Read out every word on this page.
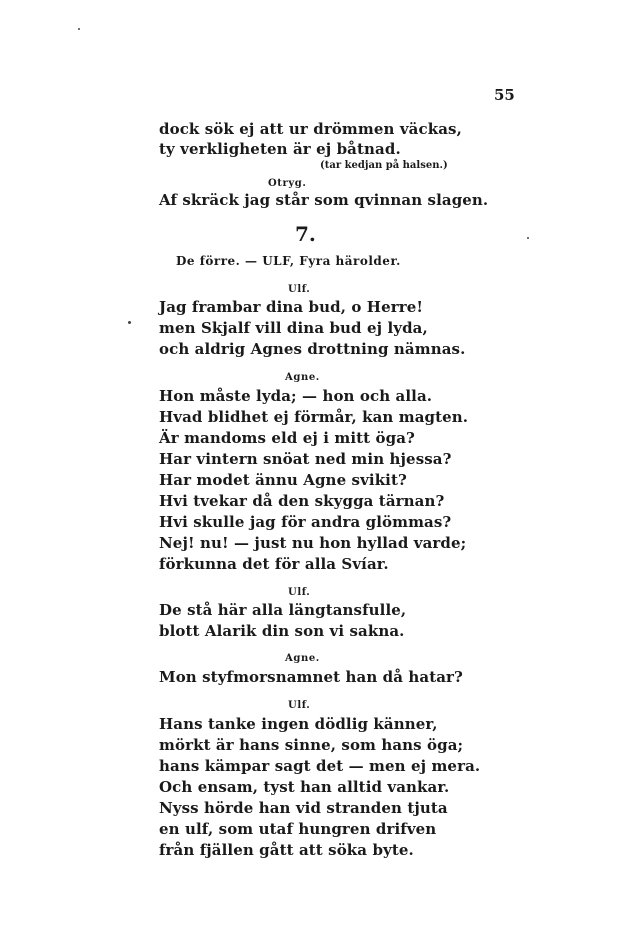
55
dock sök ej att ur drömmen väckas,
ty verkligheten är ej båtnad.
(tar kedjan på halsen.)
Otryg.
Af skräck jag står som qvinnan slagen.
7.
De förre. — ULF, Fyra härolder.
Ulf.
Jag frambar dina bud, o Herre!
men Skjalf vill dina bud ej lyda,
och aldrig Agnes drottning nämnas.
Agne.
Hon måste lyda; — hon och alla.
Hvad blidhet ej förmår, kan magten.
Är mandoms eld ej i mitt öga?
Har vintern snöat ned min hjessa?
Har modet ännu Agne svikit?
Hvi tvekar då den skygga tärnan?
Hvi skulle jag för andra glömmas?
Nej! nu! — just nu hon hyllad varde;
förkunna det för alla Svíar.
Ulf.
De stå här alla längtansfulle,
blott Alarik din son vi sakna.
Agne.
Mon styfmorsnamnet han då hatar?
Ulf.
Hans tanke ingen dödlig känner,
mörkt är hans sinne, som hans öga;
hans kämpar sagt det — men ej mera.
Och ensam, tyst han alltid vankar.
Nyss hörde han vid stranden tjuta
en ulf, som utaf hungren drifven
från fjällen gått att söka byte.
